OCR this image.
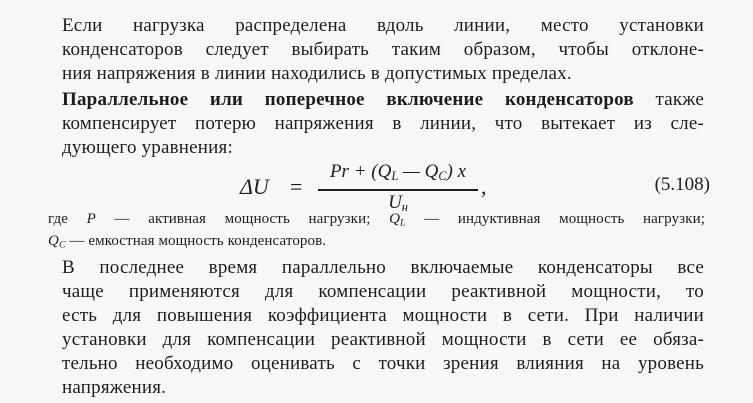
Если нагрузка распределена вдоль линии, место установки
конденсаторов следует выбирать таким образом, чтобы отклоне-
ния напряжения в линии находились в допустимых пределах.
Параллельное или поперечное включение конденсаторов также
компенсирует потерю напряжения в линии, что вытекает из сле-
дующего уравнения:
ΔU =
$Pr + (Q_L$ — $Q_C$) x
$U_н$
,	(5.108)
где P — активная мощность нагрузки; $Q_L$ — индуктивная мощность нагрузки;
$Q_C$ — емкостная мощность конденсаторов.
В последнее время параллельно включаемые конденсаторы все
чаще применяются для компенсации реактивной мощности, то
есть для повышения коэффициента мощности в сети. При наличии
установки для компенсации реактивной мощности в сети ее обяза-
тельно необходимо оценивать с точки зрения влияния на уровень
напряжения.
